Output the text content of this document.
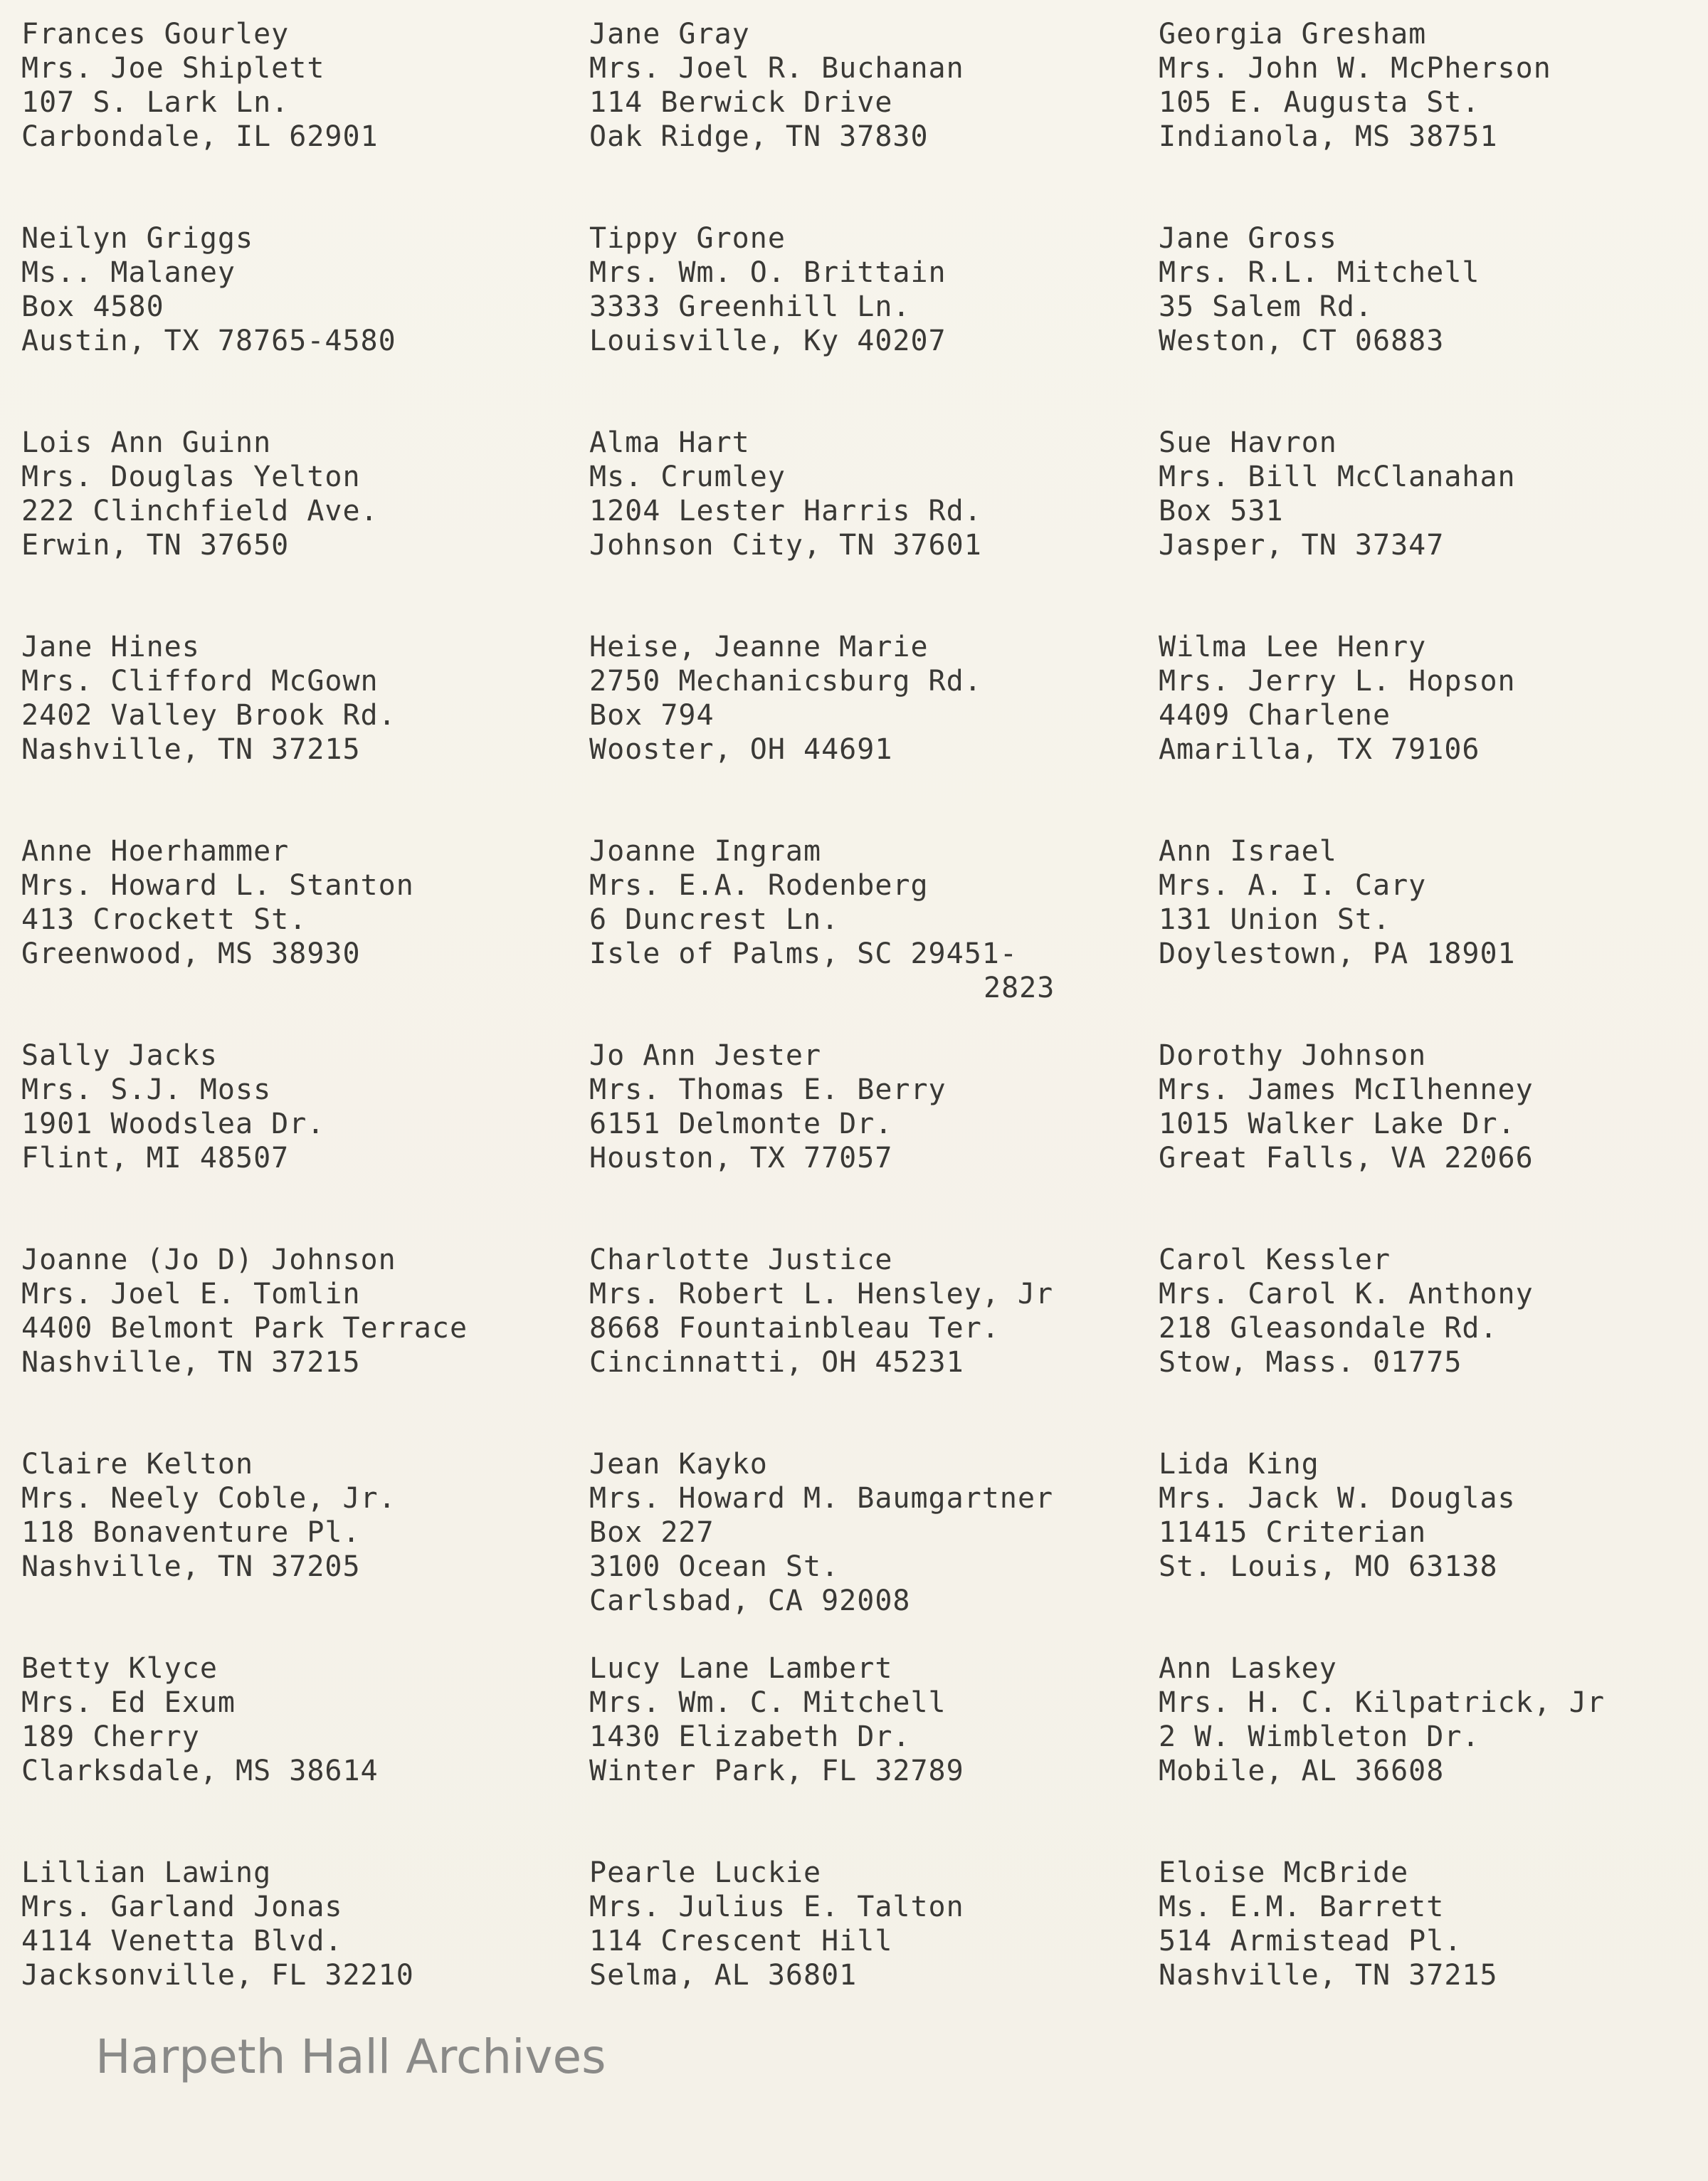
Frances Gourley
Mrs. Joe Shiplett
107 S. Lark Ln.
Carbondale, IL 62901
Jane Gray
Mrs. Joel R. Buchanan
114 Berwick Drive
Oak Ridge, TN 37830
Georgia Gresham
Mrs. John W. McPherson
105 E. Augusta St.
Indianola, MS 38751
Neilyn Griggs
Ms.. Malaney
Box 4580
Austin, TX 78765-4580
Tippy Grone
Mrs. Wm. O. Brittain
3333 Greenhill Ln.
Louisville, Ky 40207
Jane Gross
Mrs. R.L. Mitchell
35 Salem Rd.
Weston, CT 06883
Lois Ann Guinn
Mrs. Douglas Yelton
222 Clinchfield Ave.
Erwin, TN 37650
Alma Hart
Ms. Crumley
1204 Lester Harris Rd.
Johnson City, TN 37601
Sue Havron
Mrs. Bill McClanahan
Box 531
Jasper, TN 37347
Jane Hines
Mrs. Clifford McGown
2402 Valley Brook Rd.
Nashville, TN 37215
Heise, Jeanne Marie
2750 Mechanicsburg Rd.
Box 794
Wooster, OH 44691
Wilma Lee Henry
Mrs. Jerry L. Hopson
4409 Charlene
Amarilla, TX 79106
Anne Hoerhammer
Mrs. Howard L. Stanton
413 Crockett St.
Greenwood, MS 38930
Joanne Ingram
Mrs. E.A. Rodenberg
6 Duncrest Ln.
Isle of Palms, SC 29451-
2823
Ann Israel
Mrs. A. I. Cary
131 Union St.
Doylestown, PA 18901
Sally Jacks
Mrs. S.J. Moss
1901 Woodslea Dr.
Flint, MI 48507
Jo Ann Jester
Mrs. Thomas E. Berry
6151 Delmonte Dr.
Houston, TX 77057
Dorothy Johnson
Mrs. James McIlhenney
1015 Walker Lake Dr.
Great Falls, VA 22066
Joanne (Jo D) Johnson
Mrs. Joel E. Tomlin
4400 Belmont Park Terrace
Nashville, TN 37215
Charlotte Justice
Mrs. Robert L. Hensley, Jr
8668 Fountainbleau Ter.
Cincinnatti, OH 45231
Carol Kessler
Mrs. Carol K. Anthony
218 Gleasondale Rd.
Stow, Mass. 01775
Claire Kelton
Mrs. Neely Coble, Jr.
118 Bonaventure Pl.
Nashville, TN 37205
Jean Kayko
Mrs. Howard M. Baumgartner
Box 227
3100 Ocean St.
Carlsbad, CA 92008
Lida King
Mrs. Jack W. Douglas
11415 Criterian
St. Louis, MO 63138
Betty Klyce
Mrs. Ed Exum
189 Cherry
Clarksdale, MS 38614
Lucy Lane Lambert
Mrs. Wm. C. Mitchell
1430 Elizabeth Dr.
Winter Park, FL 32789
Ann Laskey
Mrs. H. C. Kilpatrick, Jr
2 W. Wimbleton Dr.
Mobile, AL 36608
Lillian Lawing
Mrs. Garland Jonas
4114 Venetta Blvd.
Jacksonville, FL 32210
Pearle Luckie
Mrs. Julius E. Talton
114 Crescent Hill
Selma, AL 36801
Eloise McBride
Ms. E.M. Barrett
514 Armistead Pl.
Nashville, TN 37215
Harpeth Hall Archives
